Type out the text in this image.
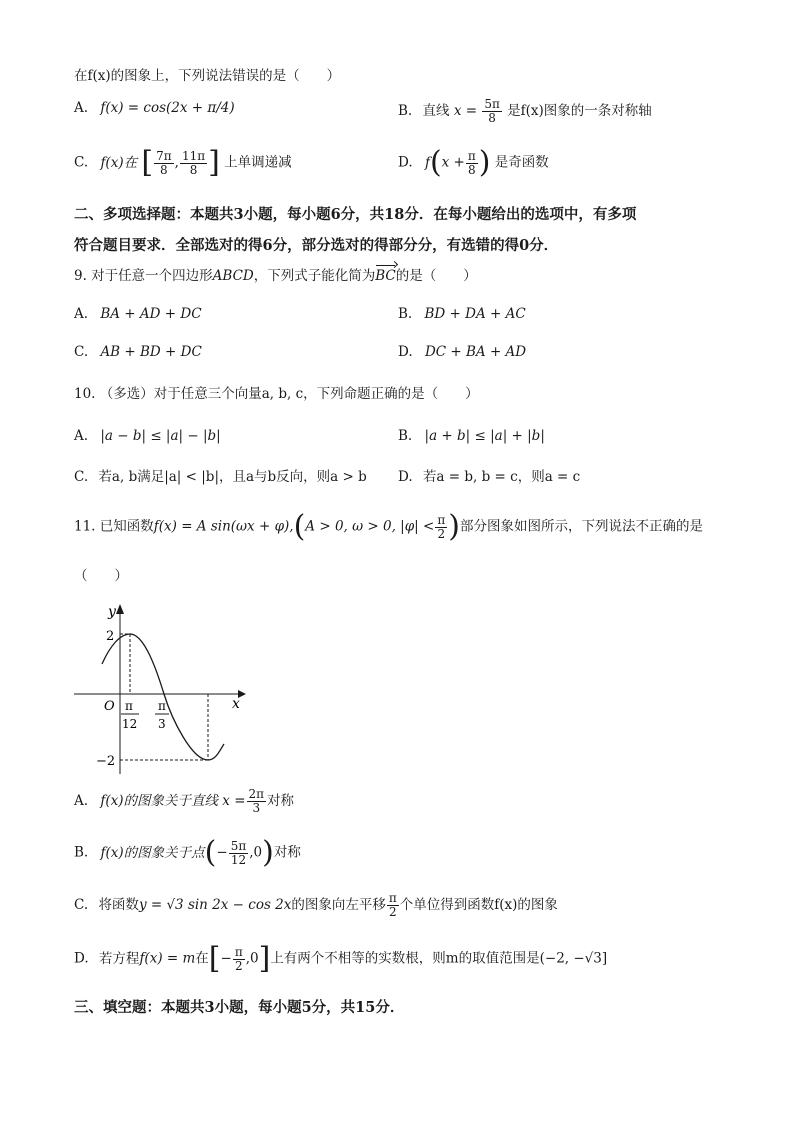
在f(x)的图象上，下列说法错误的是（　　）
A. f(x) = cos(2x + π/4)	B. 直线 $x = \frac{5\pi}{8}$ 是f(x)图象的一条对称轴
C. f(x)在 [ $\frac{7\pi}{8}$ , $\frac{11\pi}{8}$ ] 上单调递减	D. $f(x + \frac{\pi}{8}$ ) 是奇函数
二、多项选择题：本题共3小题，每小题6分，共18分．在每小题给出的选项中，有多项
符合题目要求．全部选对的得6分，部分选对的得部分分，有选错的得0分．
9. 对于任意一个四边形ABCD，下列式子能化简为BC的是（　　）
A. BA + AD + DC	B. BD + DA + AC
C. AB + BD + DC	D. DC + BA + AD
10. （多选）对于任意三个向量a, b, c，下列命题正确的是（　　）
A. |a − b| ≤ |a| − |b|	B. |a + b| ≤ |a| + |b|
C. 若a, b满足|a| < |b|，且a与b反向，则a > b D. 若a = b, b = c，则a = c
11. 已知函数f(x) = A sin(ωx + φ),(A > 0, ω > 0, $|\varphi| < \frac{\pi}{2}$ )部分图象如图所示，下列说法不正确的是
（　　）
y
x
O
2
−2
π
12
π
3
A. f(x)的图象关于直线 $x = \frac{2\pi}{3}$ 对称
B. f(x)的图象关于点(− $\frac{5\pi}{12} ,0$)对称
C. 将函数y = √3 sin 2x − cos 2x的图象向左平移 $\frac{\pi}{2}$ 个单位得到函数f(x)的图象
D. 若方程f(x) = m在[− $\frac{\pi}{2} ,0$]上有两个不相等的实数根，则m的取值范围是(−2, −√3]
三、填空题：本题共3小题，每小题5分，共15分．
